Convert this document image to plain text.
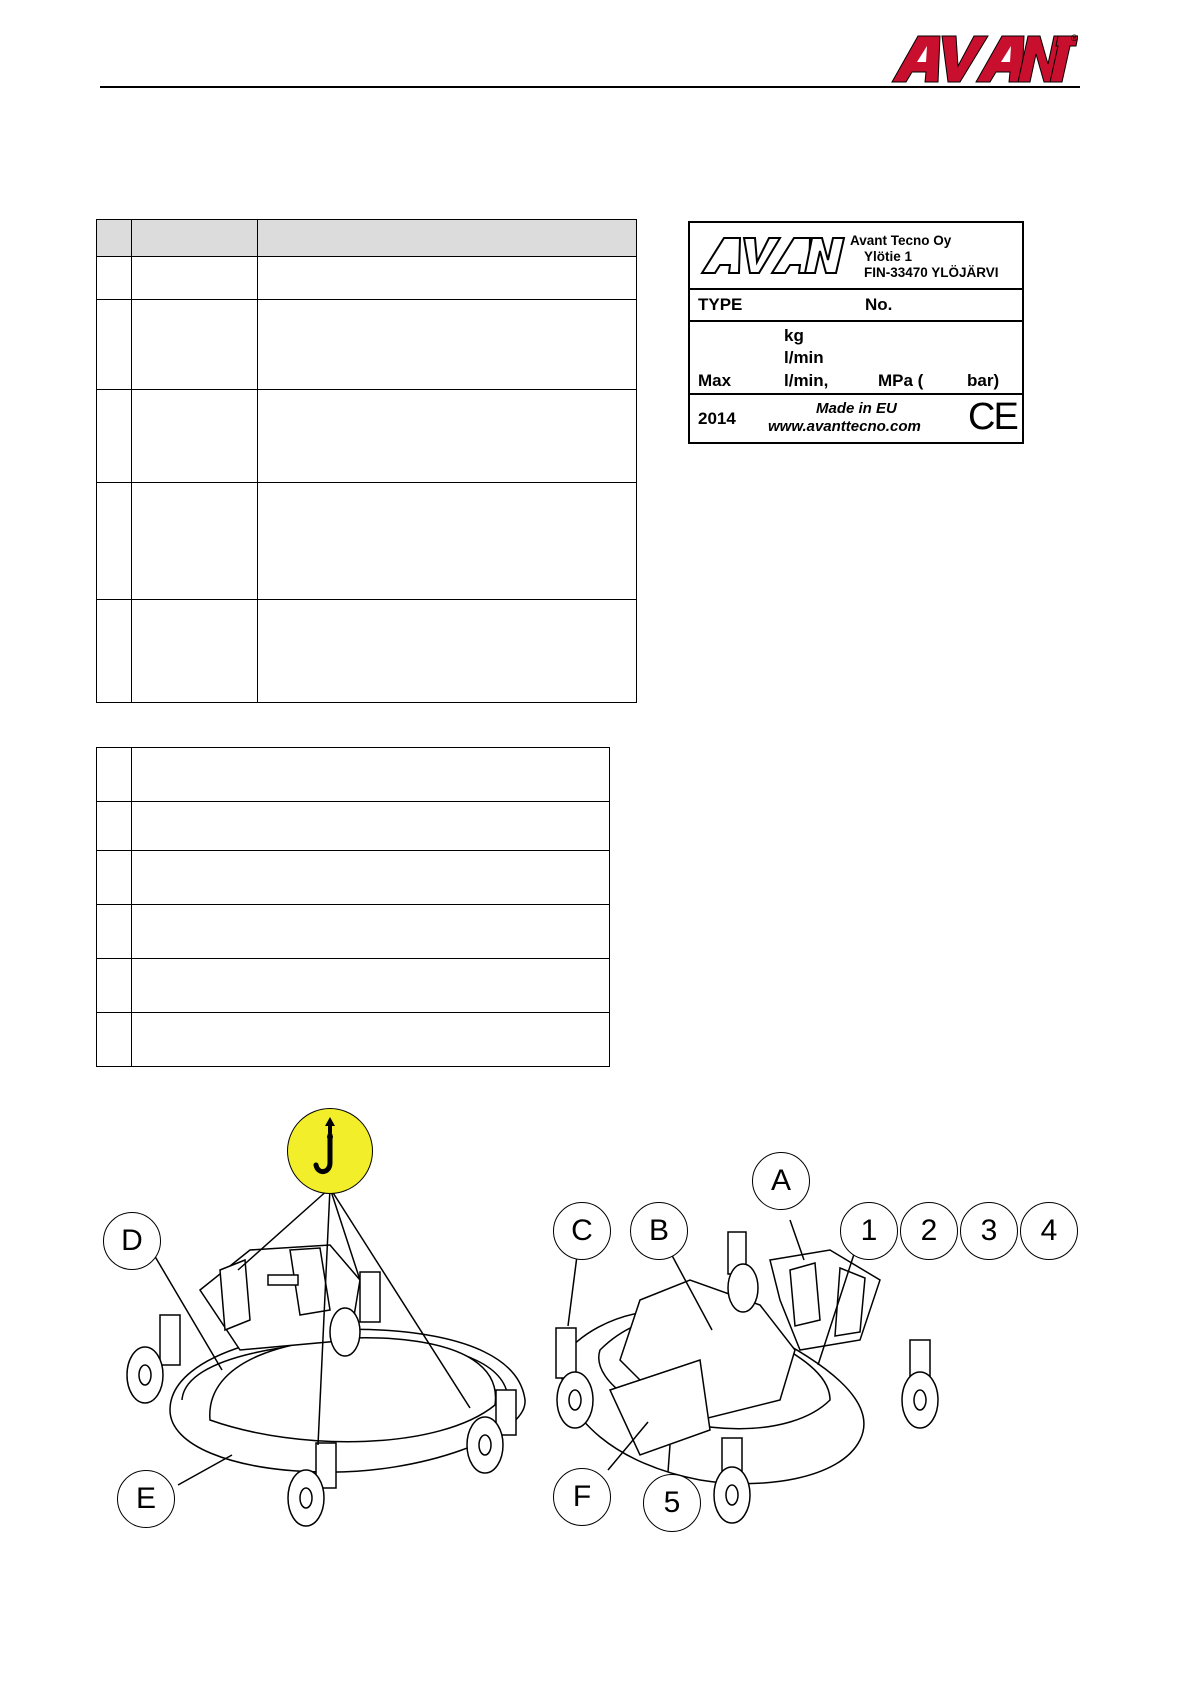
®

Avant Tecno Oy
Ylötie 1
FIN-33470 YLÖJÄRVI
TYPE	No.
kg
l/min
Max	l/min,	MPa (	bar)
2014
Made in EU
www.avanttecno.com CE
D
E
C	B
A
1	2	3	4
F	5
